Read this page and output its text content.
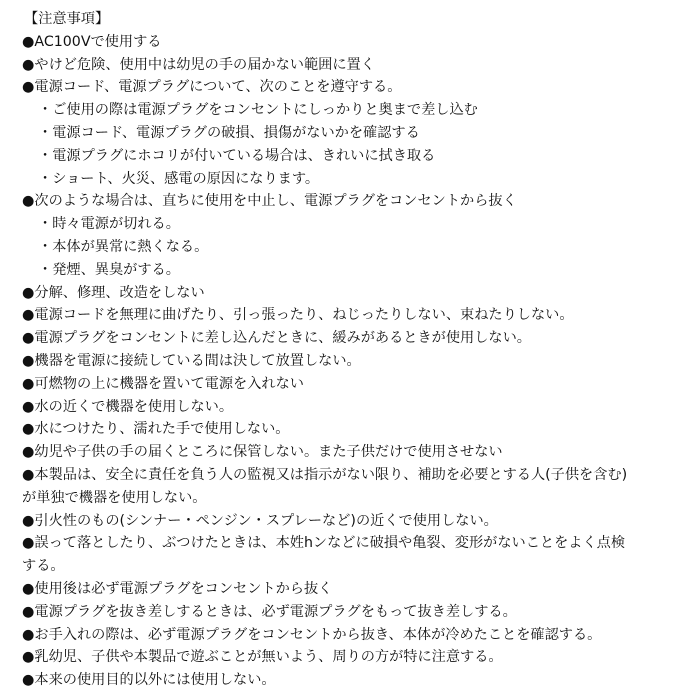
【注意事項】
●AC100Vで使用する
●やけど危険、使用中は幼児の手の届かない範囲に置く
●電源コード、電源プラグについて、次のことを遵守する。
・ご使用の際は電源プラグをコンセントにしっかりと奥まで差し込む
・電源コード、電源プラグの破損、損傷がないかを確認する
・電源プラグにホコリが付いている場合は、きれいに拭き取る
・ショート、火災、感電の原因になります。
●次のような場合は、直ちに使用を中止し、電源プラグをコンセントから抜く
・時々電源が切れる。
・本体が異常に熱くなる。
・発煙、異臭がする。
●分解、修理、改造をしない
●電源コードを無理に曲げたり、引っ張ったり、ねじったりしない、束ねたりしない。
●電源プラグをコンセントに差し込んだときに、緩みがあるときが使用しない。
●機器を電源に接続している間は決して放置しない。
●可燃物の上に機器を置いて電源を入れない
●水の近くで機器を使用しない。
●水につけたり、濡れた手で使用しない。
●幼児や子供の手の届くところに保管しない。また子供だけで使用させない
●本製品は、安全に責任を負う人の監視又は指示がない限り、補助を必要とする人(子供を含む)
が単独で機器を使用しない。
●引火性のもの(シンナー・ペンジン・スプレーなど)の近くで使用しない。
●誤って落としたり、ぶつけたときは、本姓hンなどに破損や亀裂、変形がないことをよく点検
する。
●使用後は必ず電源プラグをコンセントから抜く
●電源プラグを抜き差しするときは、必ず電源プラグをもって抜き差しする。
●お手入れの際は、必ず電源プラグをコンセントから抜き、本体が冷めたことを確認する。
●乳幼児、子供や本製品で遊ぶことが無いよう、周りの方が特に注意する。
●本来の使用目的以外には使用しない。
